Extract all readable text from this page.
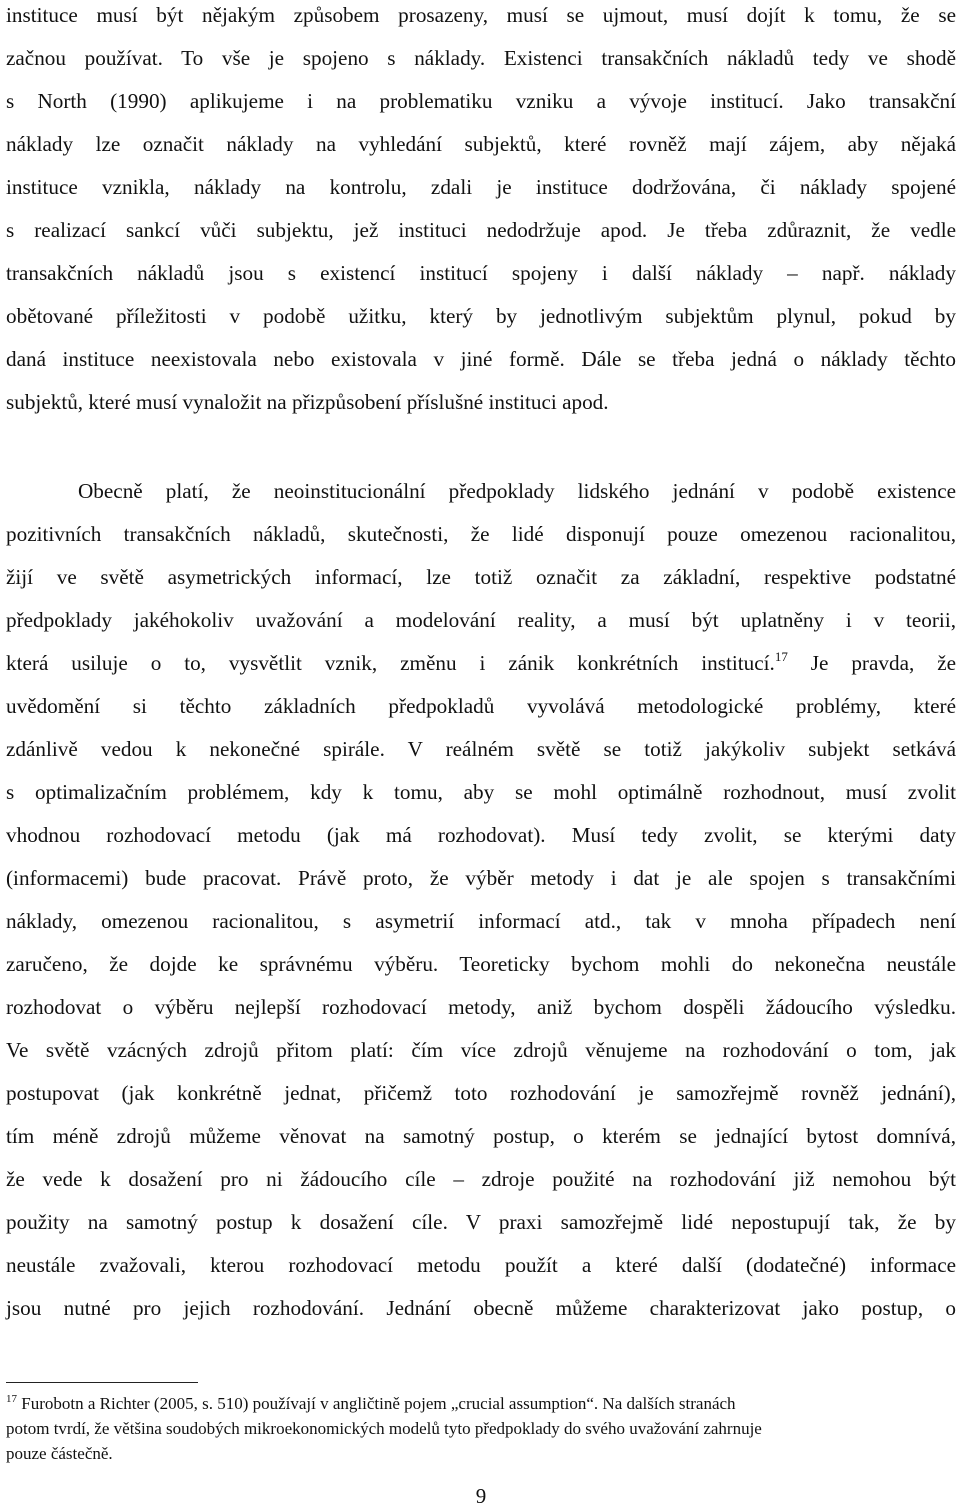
instituce musí být nějakým způsobem prosazeny, musí se ujmout, musí dojít k tomu, že se
začnou používat. To vše je spojeno s náklady. Existenci transakčních nákladů tedy ve shodě
s North (1990) aplikujeme i na problematiku vzniku a vývoje institucí. Jako transakční
náklady lze označit náklady na vyhledání subjektů, které rovněž mají zájem, aby nějaká
instituce vznikla, náklady na kontrolu, zdali je instituce dodržována, či náklady spojené
s realizací sankcí vůči subjektu, jež instituci nedodržuje apod. Je třeba zdůraznit, že vedle
transakčních nákladů jsou s existencí institucí spojeny i další náklady – např. náklady
obětované příležitosti v podobě užitku, který by jednotlivým subjektům plynul, pokud by
daná instituce neexistovala nebo existovala v jiné formě. Dále se třeba jedná o náklady těchto
subjektů, které musí vynaložit na přizpůsobení příslušné instituci apod.
Obecně platí, že neoinstitucionální předpoklady lidského jednání v podobě existence
pozitivních transakčních nákladů, skutečnosti, že lidé disponují pouze omezenou racionalitou,
žijí ve světě asymetrických informací, lze totiž označit za základní, respektive podstatné
předpoklady jakéhokoliv uvažování a modelování reality, a musí být uplatněny i v teorii,
která usiluje o to, vysvětlit vznik, změnu i zánik konkrétních institucí.$^{17}$ Je pravda, že
uvědomění si těchto základních předpokladů vyvolává metodologické problémy, které
zdánlivě vedou k nekonečné spirále. V reálném světě se totiž jakýkoliv subjekt setkává
s optimalizačním problémem, kdy k tomu, aby se mohl optimálně rozhodnout, musí zvolit
vhodnou rozhodovací metodu (jak má rozhodovat). Musí tedy zvolit, se kterými daty
(informacemi) bude pracovat. Právě proto, že výběr metody i dat je ale spojen s transakčními
náklady, omezenou racionalitou, s asymetrií informací atd., tak v mnoha případech není
zaručeno, že dojde ke správnému výběru. Teoreticky bychom mohli do nekonečna neustále
rozhodovat o výběru nejlepší rozhodovací metody, aniž bychom dospěli žádoucího výsledku.
Ve světě vzácných zdrojů přitom platí: čím více zdrojů věnujeme na rozhodování o tom, jak
postupovat (jak konkrétně jednat, přičemž toto rozhodování je samozřejmě rovněž jednání),
tím méně zdrojů můžeme věnovat na samotný postup, o kterém se jednající bytost domnívá,
že vede k dosažení pro ni žádoucího cíle – zdroje použité na rozhodování již nemohou být
použity na samotný postup k dosažení cíle. V praxi samozřejmě lidé nepostupují tak, že by
neustále zvažovali, kterou rozhodovací metodu použít a které další (dodatečné) informace
jsou nutné pro jejich rozhodování. Jednání obecně můžeme charakterizovat jako postup, o
$^{17}$ Furobotn a Richter (2005, s. 510) používají v angličtině pojem „crucial assumption“. Na dalších stranách
potom tvrdí, že většina soudobých mikroekonomických modelů tyto předpoklady do svého uvažování zahrnuje
pouze částečně.
9
